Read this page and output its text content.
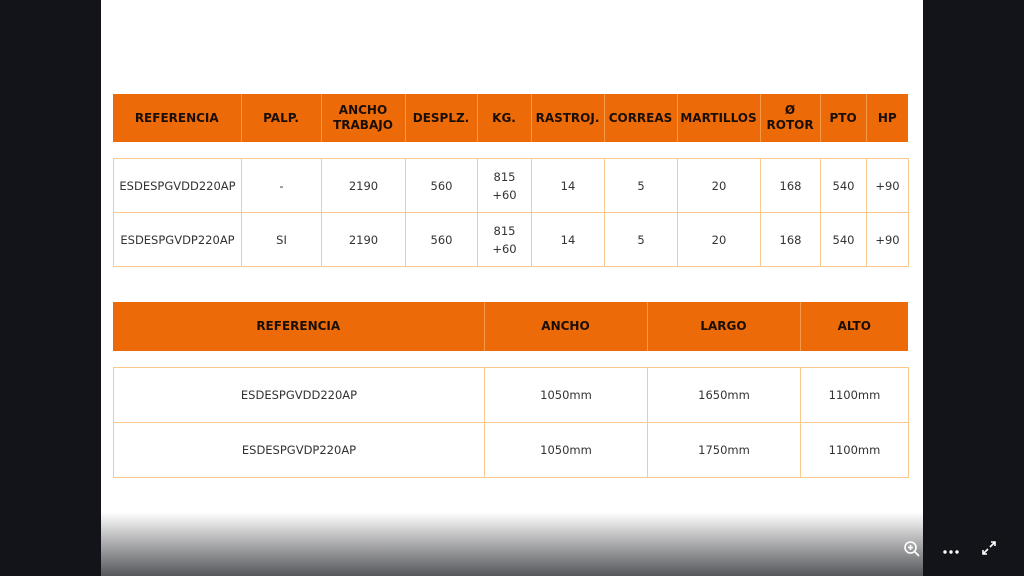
REFERENCIA	PALP.	ANCHO TRABAJO	DESPLZ.	KG.	RASTROJ.	CORREAS	MARTILLOS	Ø ROTOR	PTO	HP
ESDESPGVDD220AP	-	2190	560	815 +60	14	5	20	168	540	+90
ESDESPGVDP220AP	SI	2190	560	815 +60	14	5	20	168	540	+90
REFERENCIA	ANCHO	LARGO	ALTO
ESDESPGVDD220AP	1050mm	1650mm	1100mm
ESDESPGVDP220AP	1050mm	1750mm	1100mm
